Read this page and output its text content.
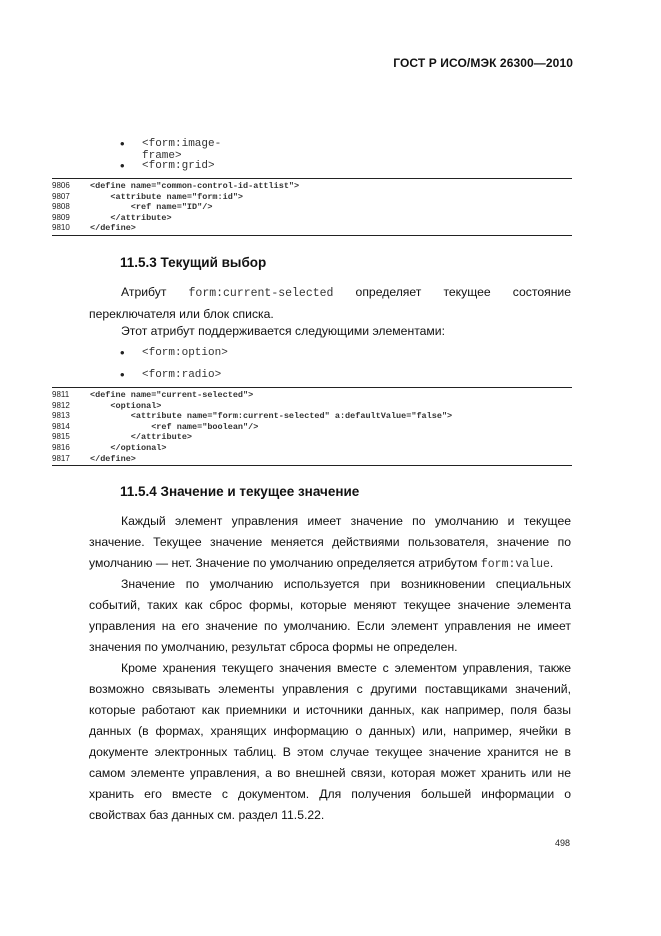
ГОСТ Р ИСО/МЭК 26300—2010
• <form:image-frame>
• <form:grid>
9806	<define name="common-control-id-attlist">
9807	<attribute name="form:id">
9808	<ref name="ID"/>
9809	</attribute>
9810	</define>
11.5.3 Текущий выбор

Атрибут form:current-selected определяет текущее состояние переключателя или блок списка.

Этот атрибут поддерживается следующими элементами:

• <form:option>
• <form:radio>
9811	<define name="current-selected">
9812	<optional>
9813	<attribute name="form:current-selected" a:defaultValue="false">
9814	<ref name="boolean"/>
9815	</attribute>
9816	</optional>
9817	</define>
11.5.4 Значение и текущее значение

Каждый элемент управления имеет значение по умолчанию и текущее значение. Текущее значение меняется действиями пользователя, значение по умолчанию — нет. Значение по умолчанию определяется атрибутом form:value.

Значение по умолчанию используется при возникновении специальных событий, таких как сброс формы, которые меняют текущее значение элемента управления на его значение по умолчанию. Если элемент управления не имеет значения по умолчанию, результат сброса формы не определен.

Кроме хранения текущего значения вместе с элементом управления, также возможно связывать элементы управления с другими поставщиками значений, которые работают как приемники и источники данных, как например, поля базы данных (в формах, хранящих информацию о данных) или, например, ячейки в документе электронных таблиц. В этом случае текущее значение хранится не в самом элементе управления, а во внешней связи, которая может хранить или не хранить его вместе с документом. Для получения большей информации о свойствах баз данных см. раздел 11.5.22.

498
